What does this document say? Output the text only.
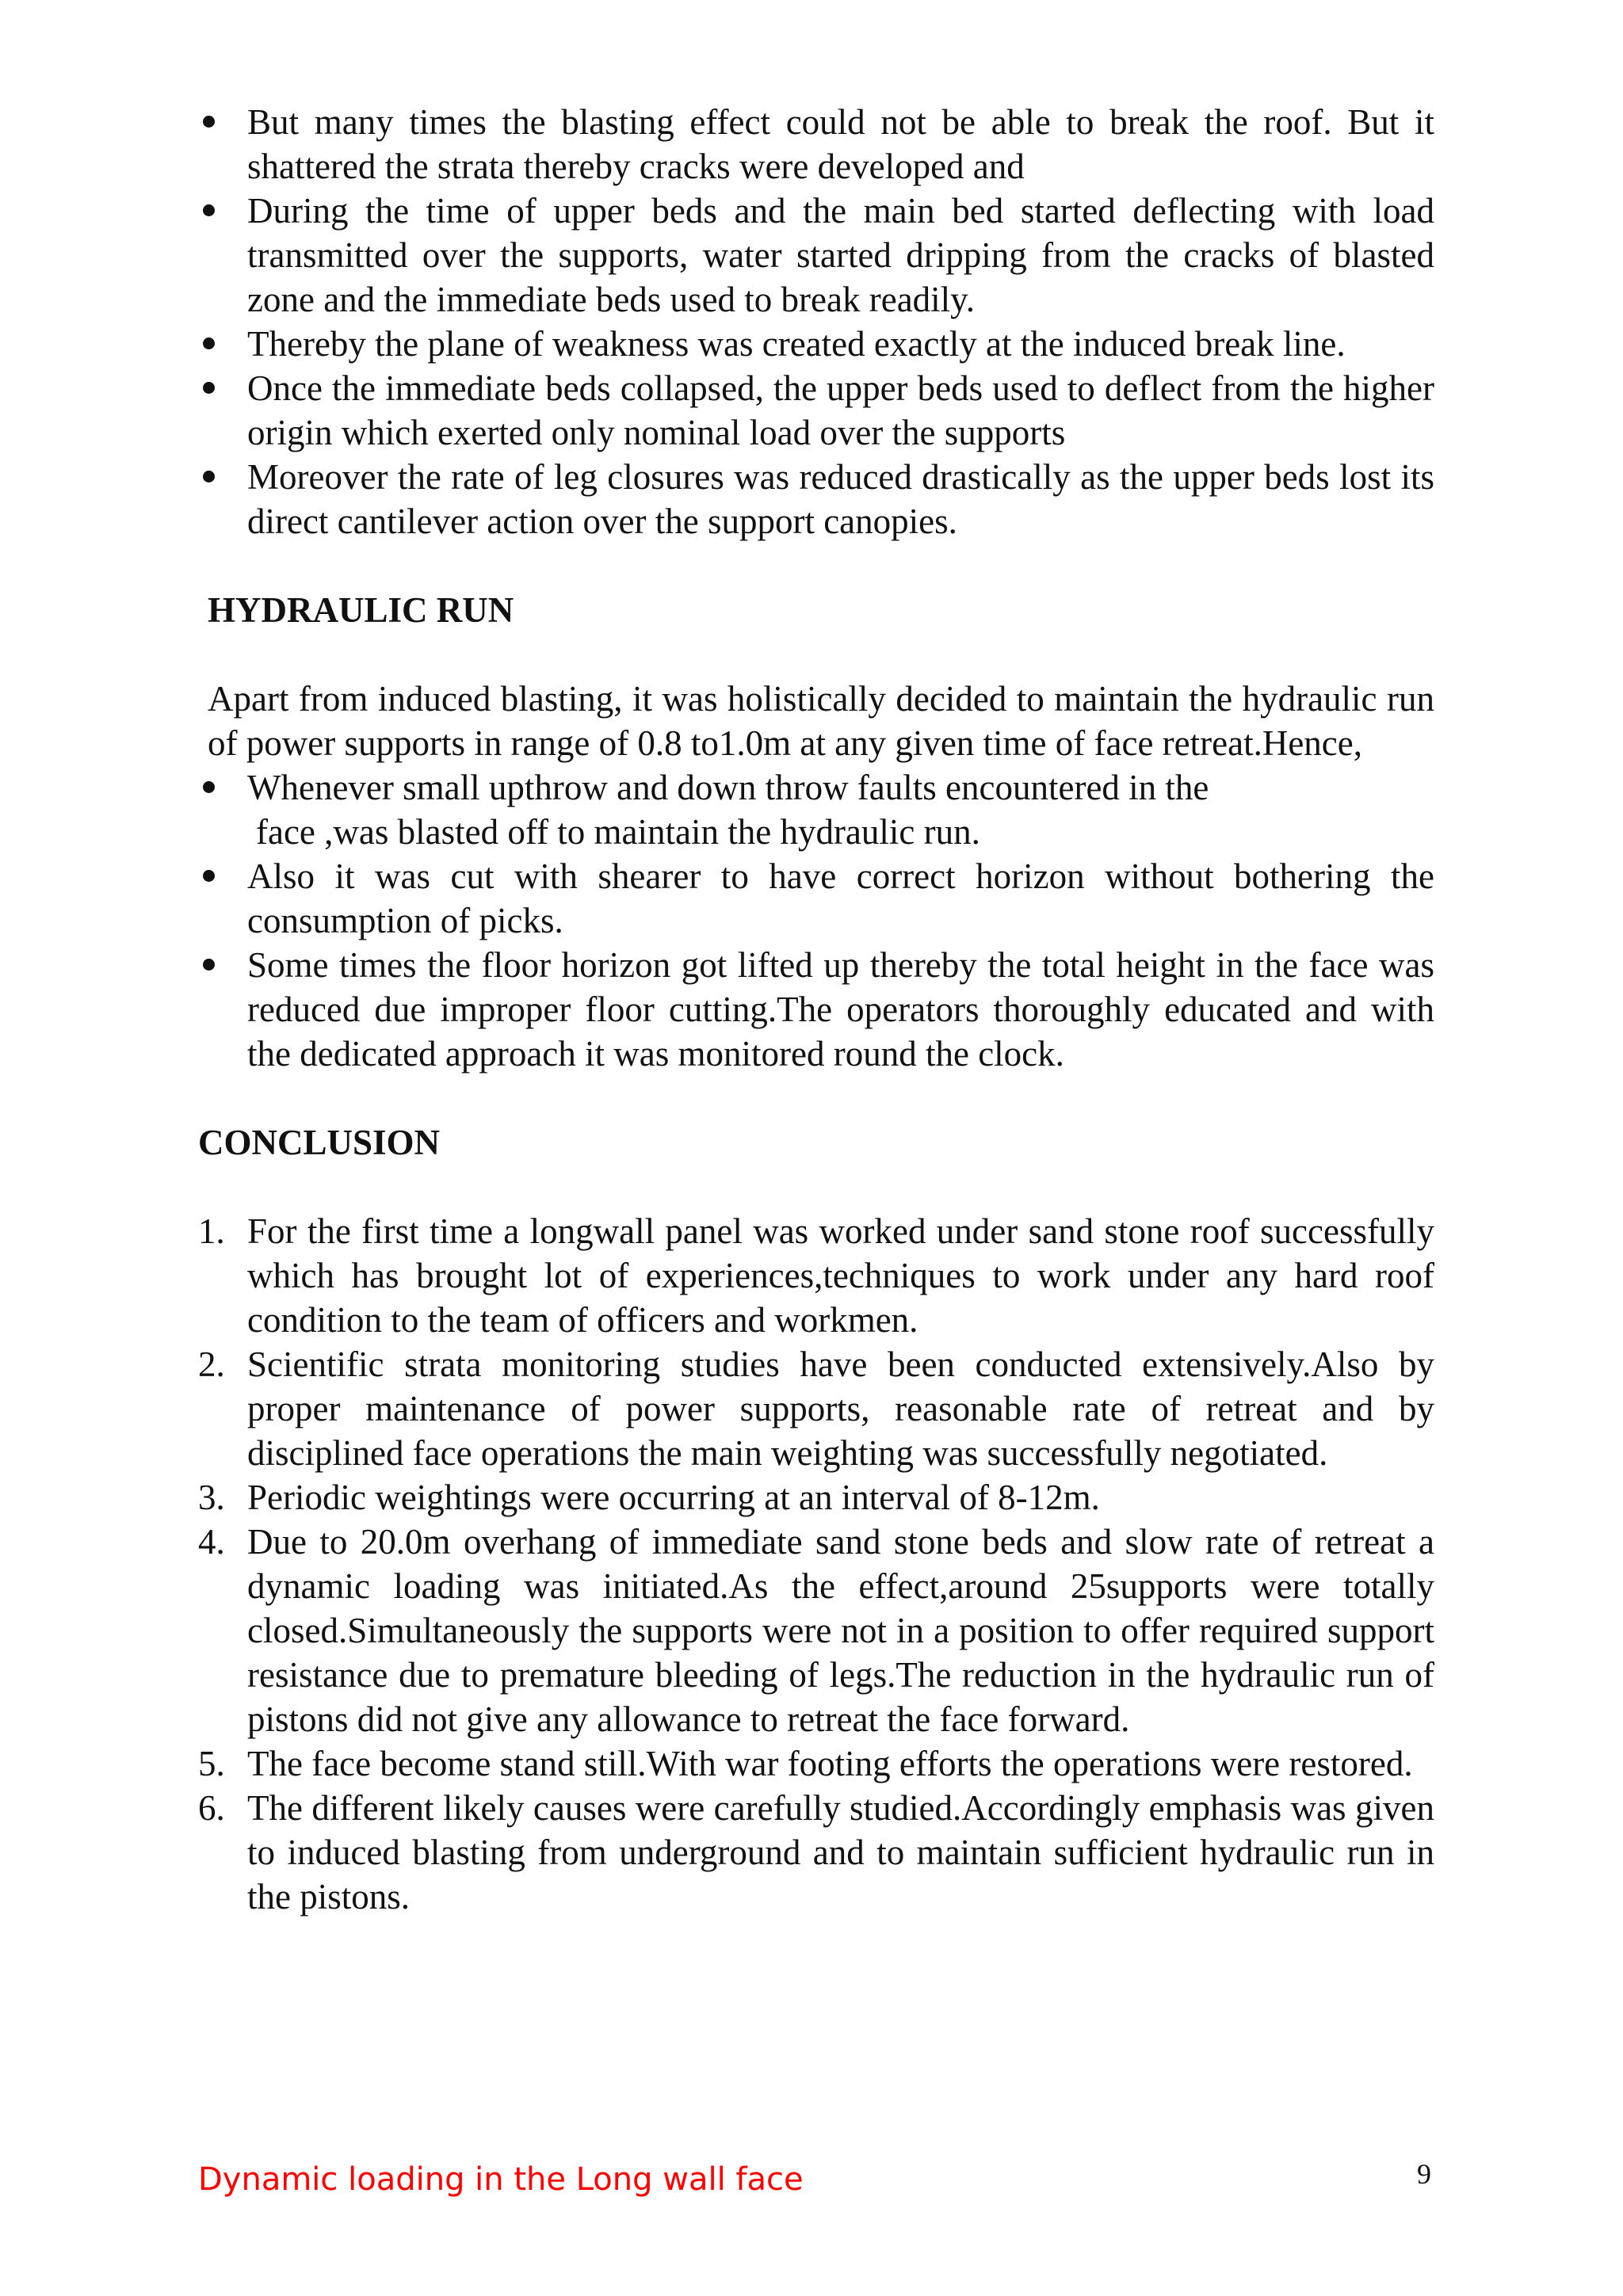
But many times the blasting effect could not be able to break the roof. But it shattered the strata thereby cracks were developed and
During the time of upper beds and the main bed started deflecting with load transmitted over the supports, water started dripping from the cracks of blasted zone and the immediate beds used to break readily.
Thereby the plane of weakness was created exactly at the induced break line.
Once the immediate beds collapsed, the upper beds used to deflect from the higher origin which exerted only nominal load over the supports
Moreover the rate of leg closures was reduced drastically as the upper beds lost its direct cantilever action over the support canopies.
HYDRAULIC RUN

Apart from induced blasting, it was holistically decided to maintain the hydraulic run of power supports in range of 0.8 to1.0m at any given time of face retreat.Hence,

Whenever small upthrow and down throw faults encountered in the
face ,was blasted off to maintain the hydraulic run.
Also it was cut with shearer to have correct horizon without bothering the consumption of picks.
Some times the floor horizon got lifted up thereby the total height in the face was reduced due improper floor cutting.The operators thoroughly educated and with the dedicated approach it was monitored round the clock.
CONCLUSION
1. For the first time a longwall panel was worked under sand stone roof successfully which has brought lot of experiences,techniques to work under any hard roof condition to the team of officers and workmen.
2. Scientific strata monitoring studies have been conducted extensively.Also by proper maintenance of power supports, reasonable rate of retreat and by disciplined face operations the main weighting was successfully negotiated.
3. Periodic weightings were occurring at an interval of 8-12m.
4. Due to 20.0m overhang of immediate sand stone beds and slow rate of retreat a dynamic loading was initiated.As the effect,around 25supports were totally closed.Simultaneously the supports were not in a position to offer required support resistance due to premature bleeding of legs.The reduction in the hydraulic run of pistons did not give any allowance to retreat the face forward.
5. The face become stand still.With war footing efforts the operations were restored.
6. The different likely causes were carefully studied.Accordingly emphasis was given to induced blasting from underground and to maintain sufficient hydraulic run in the pistons.
Dynamic loading in the Long wall face	9
